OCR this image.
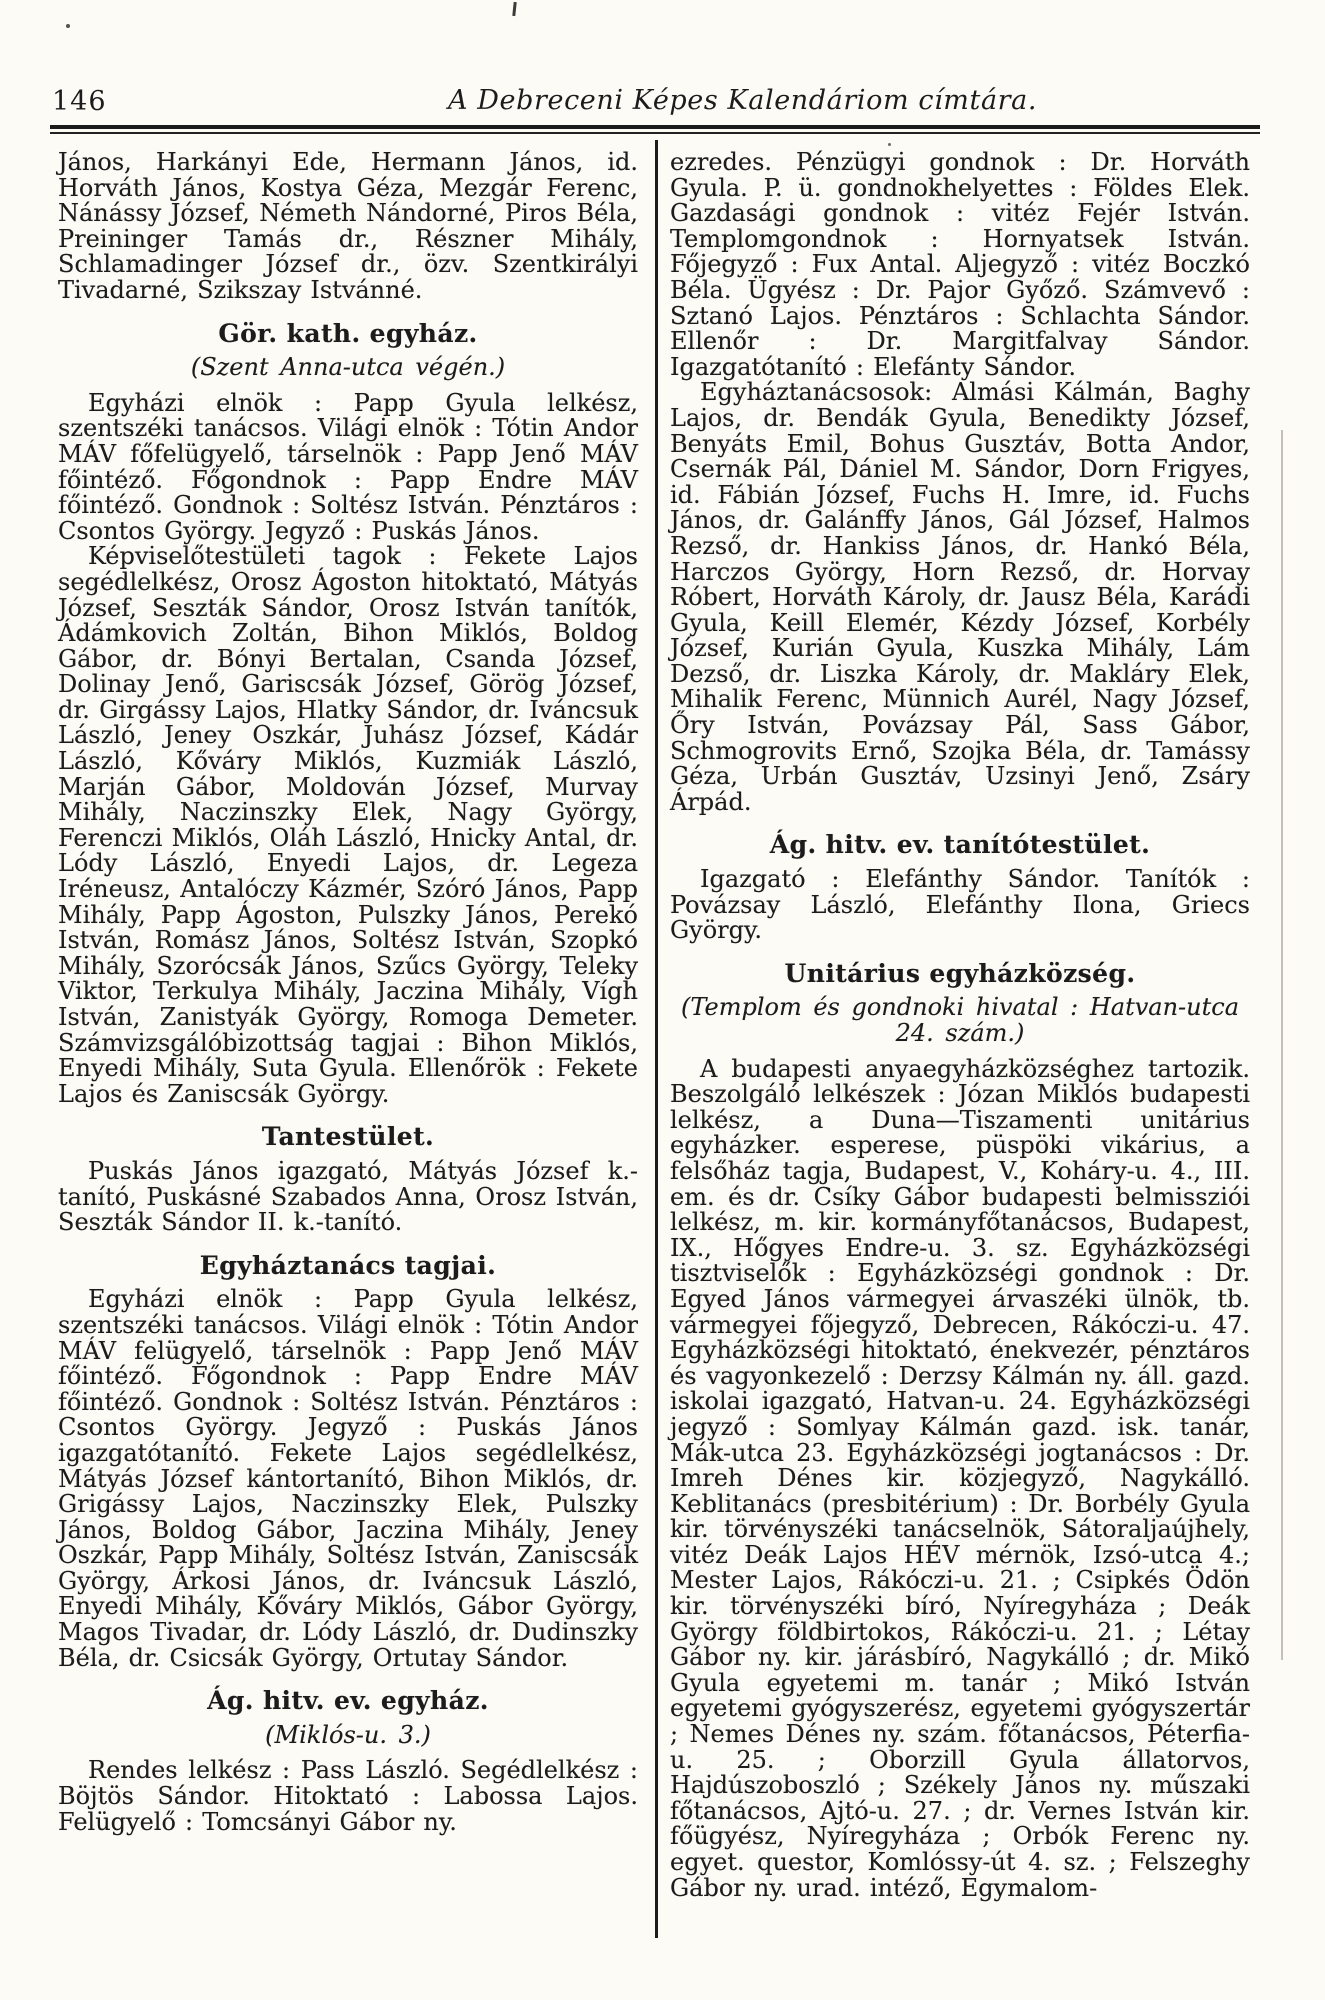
146	A Debreceni Képes Kalendáriom címtára.

János, Harkányi Ede, Hermann János, id. Horváth János, Kostya Géza, Mezgár Ferenc, Nánássy József, Németh Nándorné, Piros Béla, Preininger Tamás dr., Részner Mihály, Schlamadinger József dr., özv. Szentkirályi Tivadarné, Szikszay Istvánné.

Gör. kath. egyház.

(Szent Anna-utca végén.)

Egyházi elnök : Papp Gyula lelkész, szentszéki tanácsos. Világi elnök : Tótin Andor MÁV főfelügyelő, társelnök : Papp Jenő MÁV főintéző. Főgondnok : Papp Endre MÁV főintéző. Gondnok : Soltész István. Pénztáros : Csontos György. Jegyző : Puskás János.

Képviselőtestületi tagok : Fekete Lajos segédlelkész, Orosz Ágoston hitoktató, Mátyás József, Seszták Sándor, Orosz István tanítók, Ádámkovich Zoltán, Bihon Miklós, Boldog Gábor, dr. Bónyi Bertalan, Csanda József, Dolinay Jenő, Gariscsák József, Görög József, dr. Girgássy Lajos, Hlatky Sándor, dr. Iváncsuk László, Jeney Oszkár, Juhász József, Kádár László, Kőváry Miklós, Kuzmiák László, Marján Gábor, Moldován József, Murvay Mihály, Naczinszky Elek, Nagy György, Ferenczi Miklós, Oláh László, Hnicky Antal, dr. Lódy László, Enyedi Lajos, dr. Legeza Iréneusz, Antalóczy Kázmér, Szóró János, Papp Mihály, Papp Ágoston, Pulszky János, Perekó István, Romász János, Soltész István, Szopkó Mihály, Szorócsák János, Szűcs György, Teleky Viktor, Terkulya Mihály, Jaczina Mihály, Vígh István, Zanistyák György, Romoga Demeter. Számvizsgálóbizottság tagjai : Bihon Miklós, Enyedi Mihály, Suta Gyula. Ellenőrök : Fekete Lajos és Zaniscsák György.

Tantestület.

Puskás János igazgató, Mátyás József k.-tanító, Puskásné Szabados Anna, Orosz István, Seszták Sándor II. k.-tanító.

Egyháztanács tagjai.

Egyházi elnök : Papp Gyula lelkész, szentszéki tanácsos. Világi elnök : Tótin Andor MÁV felügyelő, társelnök : Papp Jenő MÁV főintéző. Főgondnok : Papp Endre MÁV főintéző. Gondnok : Soltész István. Pénztáros : Csontos György. Jegyző : Puskás János igazgatótanító. Fekete Lajos segédlelkész, Mátyás József kántortanító, Bihon Miklós, dr. Grigássy Lajos, Naczinszky Elek, Pulszky János, Boldog Gábor, Jaczina Mihály, Jeney Oszkár, Papp Mihály, Soltész István, Zaniscsák György, Árkosi János, dr. Iváncsuk László, Enyedi Mihály, Kőváry Miklós, Gábor György, Magos Tivadar, dr. Lódy László, dr. Dudinszky Béla, dr. Csicsák György, Ortutay Sándor.

Ág. hitv. ev. egyház.

(Miklós-u. 3.)

Rendes lelkész : Pass László. Segédlelkész : Böjtös Sándor. Hitoktató : Labossa Lajos. Felügyelő : Tomcsányi Gábor ny.

ezredes. Pénzügyi gondnok : Dr. Horváth Gyula. P. ü. gondnokhelyettes : Földes Elek. Gazdasági gondnok : vitéz Fejér István. Templomgondnok : Hornyatsek István. Főjegyző : Fux Antal. Aljegyző : vitéz Boczkó Béla. Ügyész : Dr. Pajor Győző. Számvevő : Sztanó Lajos. Pénztáros : Schlachta Sándor. Ellenőr : Dr. Margitfalvay Sándor. Igazgatótanító : Elefánty Sándor.

Egyháztanácsosok: Almási Kálmán, Baghy Lajos, dr. Bendák Gyula, Benedikty József, Benyáts Emil, Bohus Gusztáv, Botta Andor, Csernák Pál, Dániel M. Sándor, Dorn Frigyes, id. Fábián József, Fuchs H. Imre, id. Fuchs János, dr. Galánffy János, Gál József, Halmos Rezső, dr. Hankiss János, dr. Hankó Béla, Harczos György, Horn Rezső, dr. Horvay Róbert, Horváth Károly, dr. Jausz Béla, Karádi Gyula, Keill Elemér, Kézdy József, Korbély József, Kurián Gyula, Kuszka Mihály, Lám Dezső, dr. Liszka Károly, dr. Makláry Elek, Mihalik Ferenc, Münnich Aurél, Nagy József, Őry István, Povázsay Pál, Sass Gábor, Schmogrovits Ernő, Szojka Béla, dr. Tamássy Géza, Urbán Gusztáv, Uzsinyi Jenő, Zsáry Árpád.

Ág. hitv. ev. tanítótestület.

Igazgató : Elefánthy Sándor. Tanítók : Povázsay László, Elefánthy Ilona, Griecs György.

Unitárius egyházközség.

(Templom és gondnoki hivatal : Hatvan-utca 24. szám.)

A budapesti anyaegyházközséghez tartozik. Beszolgáló lelkészek : Józan Miklós budapesti lelkész, a Duna—Tiszamenti unitárius egyházker. esperese, püspöki vikárius, a felsőház tagja, Budapest, V., Koháry-u. 4., III. em. és dr. Csíky Gábor budapesti belmissziói lelkész, m. kir. kormányfőtanácsos, Budapest, IX., Hőgyes Endre-u. 3. sz. Egyházközségi tisztviselők : Egyházközségi gondnok : Dr. Egyed János vármegyei árvaszéki ülnök, tb. vármegyei főjegyző, Debrecen, Rákóczi-u. 47. Egyházközségi hitoktató, énekvezér, pénztáros és vagyonkezelő : Derzsy Kálmán ny. áll. gazd. iskolai igazgató, Hatvan-u. 24. Egyházközségi jegyző : Somlyay Kálmán gazd. isk. tanár, Mák-utca 23. Egyházközségi jogtanácsos : Dr. Imreh Dénes kir. közjegyző, Nagykálló. Keblitanács (presbitérium) : Dr. Borbély Gyula kir. törvényszéki tanácselnök, Sátoraljaújhely, vitéz Deák Lajos HÉV mérnök, Izsó-utca 4.; Mester Lajos, Rákóczi-u. 21. ; Csipkés Ödön kir. törvényszéki bíró, Nyíregyháza ; Deák György földbirtokos, Rákóczi-u. 21. ; Létay Gábor ny. kir. járásbíró, Nagykálló ; dr. Mikó Gyula egyetemi m. tanár ; Mikó István egyetemi gyógyszerész, egyetemi gyógyszertár ; Nemes Dénes ny. szám. főtanácsos, Péterfia-u. 25. ; Oborzill Gyula állatorvos, Hajdúszoboszló ; Székely János ny. műszaki főtanácsos, Ajtó-u. 27. ; dr. Vernes István kir. főügyész, Nyíregyháza ; Orbók Ferenc ny. egyet. questor, Komlóssy-út 4. sz. ; Felszeghy Gábor ny. urad. intéző, Egymalom-
